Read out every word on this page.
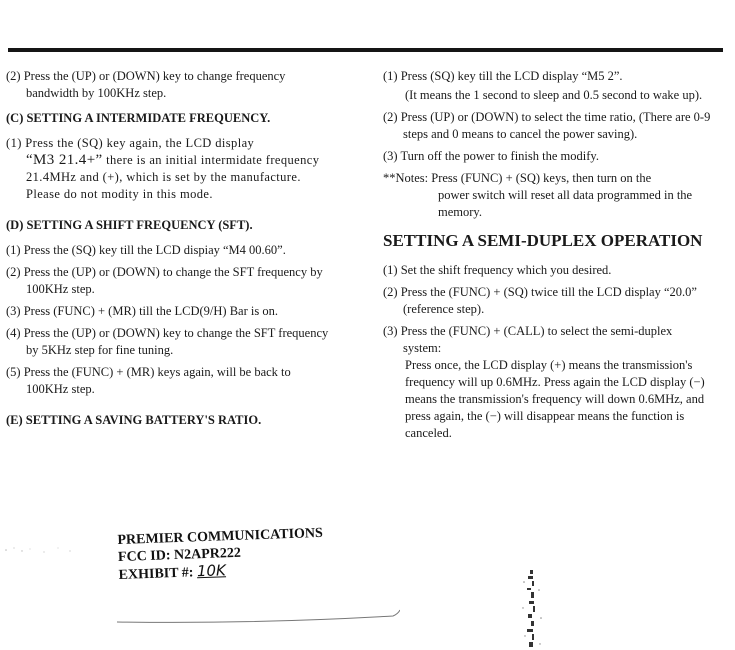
(2) Press the (UP) or (DOWN) key to change frequency bandwidth by 100KHz step.

(C) SETTING A INTERMIDATE FREQUENCY.

(1) Press the (SQ) key again, the LCD display
“M3 21.4+” there is an initial intermidate frequency 21.4MHz and (+), which is set by the manufacture. Please do not modity in this mode.

(D) SETTING A SHIFT FREQUENCY (SFT).

(1) Press the (SQ) key till the LCD dispiay “M4 00.60”.

(2) Press the (UP) or (DOWN) to change the SFT frequency by 100KHz step.

(3) Press (FUNC) + (MR) till the LCD(9/H) Bar is on.

(4) Press the (UP) or (DOWN) key to change the SFT frequency by 5KHz step for fine tuning.

(5) Press the (FUNC) + (MR) keys again, will be back to 100KHz step.

(E) SETTING A SAVING BATTERY'S RATIO.

(1) Press (SQ) key till the LCD display “M5 2”.

(It means the 1 second to sleep and 0.5 second to wake up).

(2) Press (UP) or (DOWN) to select the time ratio, (There are 0-9 steps and 0 means to cancel the power saving).

(3) Turn off the power to finish the modify.

**Notes: Press (FUNC) + (SQ) keys, then turn on the

power switch will reset all data programmed in the memory.

SETTING A SEMI-DUPLEX OPERATION

(1) Set the shift frequency which you desired.

(2) Press the (FUNC) + (SQ) twice till the LCD display “20.0” (reference step).

(3) Press the (FUNC) + (CALL) to select the semi-duplex system:

Press once, the LCD display (+) means the transmission's frequency will up 0.6MHz. Press again the LCD display (−) means the transmission's frequency will down 0.6MHz, and press again, the (−) will disappear means the function is canceled.

PREMIER COMMUNICATIONS
FCC ID: N2APR222
EXHIBIT #: 10K
